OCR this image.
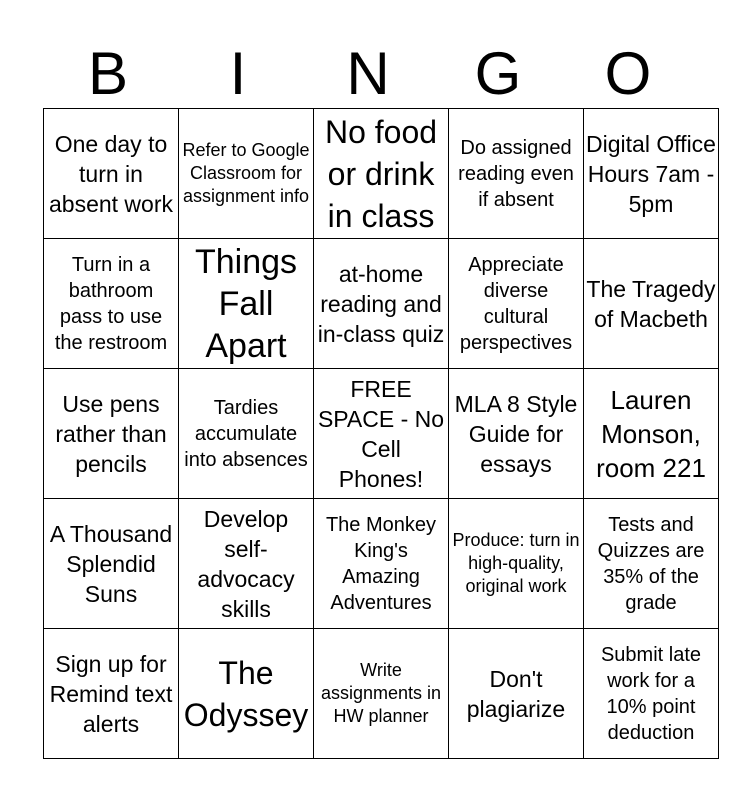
B	I	N	G	O
One day to turn in absent work	Refer to Google Classroom for assignment info	No food or drink in class	Do assigned reading even if absent	Digital Office Hours 7am - 5pm
Turn in a bathroom pass to use the restroom	Things Fall Apart	at-home reading and in-class quiz	Appreciate diverse cultural perspectives	The Tragedy of Macbeth
Use pens rather than pencils	Tardies accumulate into absences	FREE SPACE - No Cell Phones!	MLA 8 Style Guide for essays	Lauren Monson, room 221
A Thousand Splendid Suns	Develop self-advocacy skills	The Monkey King's Amazing Adventures	Produce: turn in high-quality, original work	Tests and Quizzes are 35% of the grade
Sign up for Remind text alerts	The Odyssey	Write assignments in HW planner	Don't plagiarize	Submit late work for a 10% point deduction
